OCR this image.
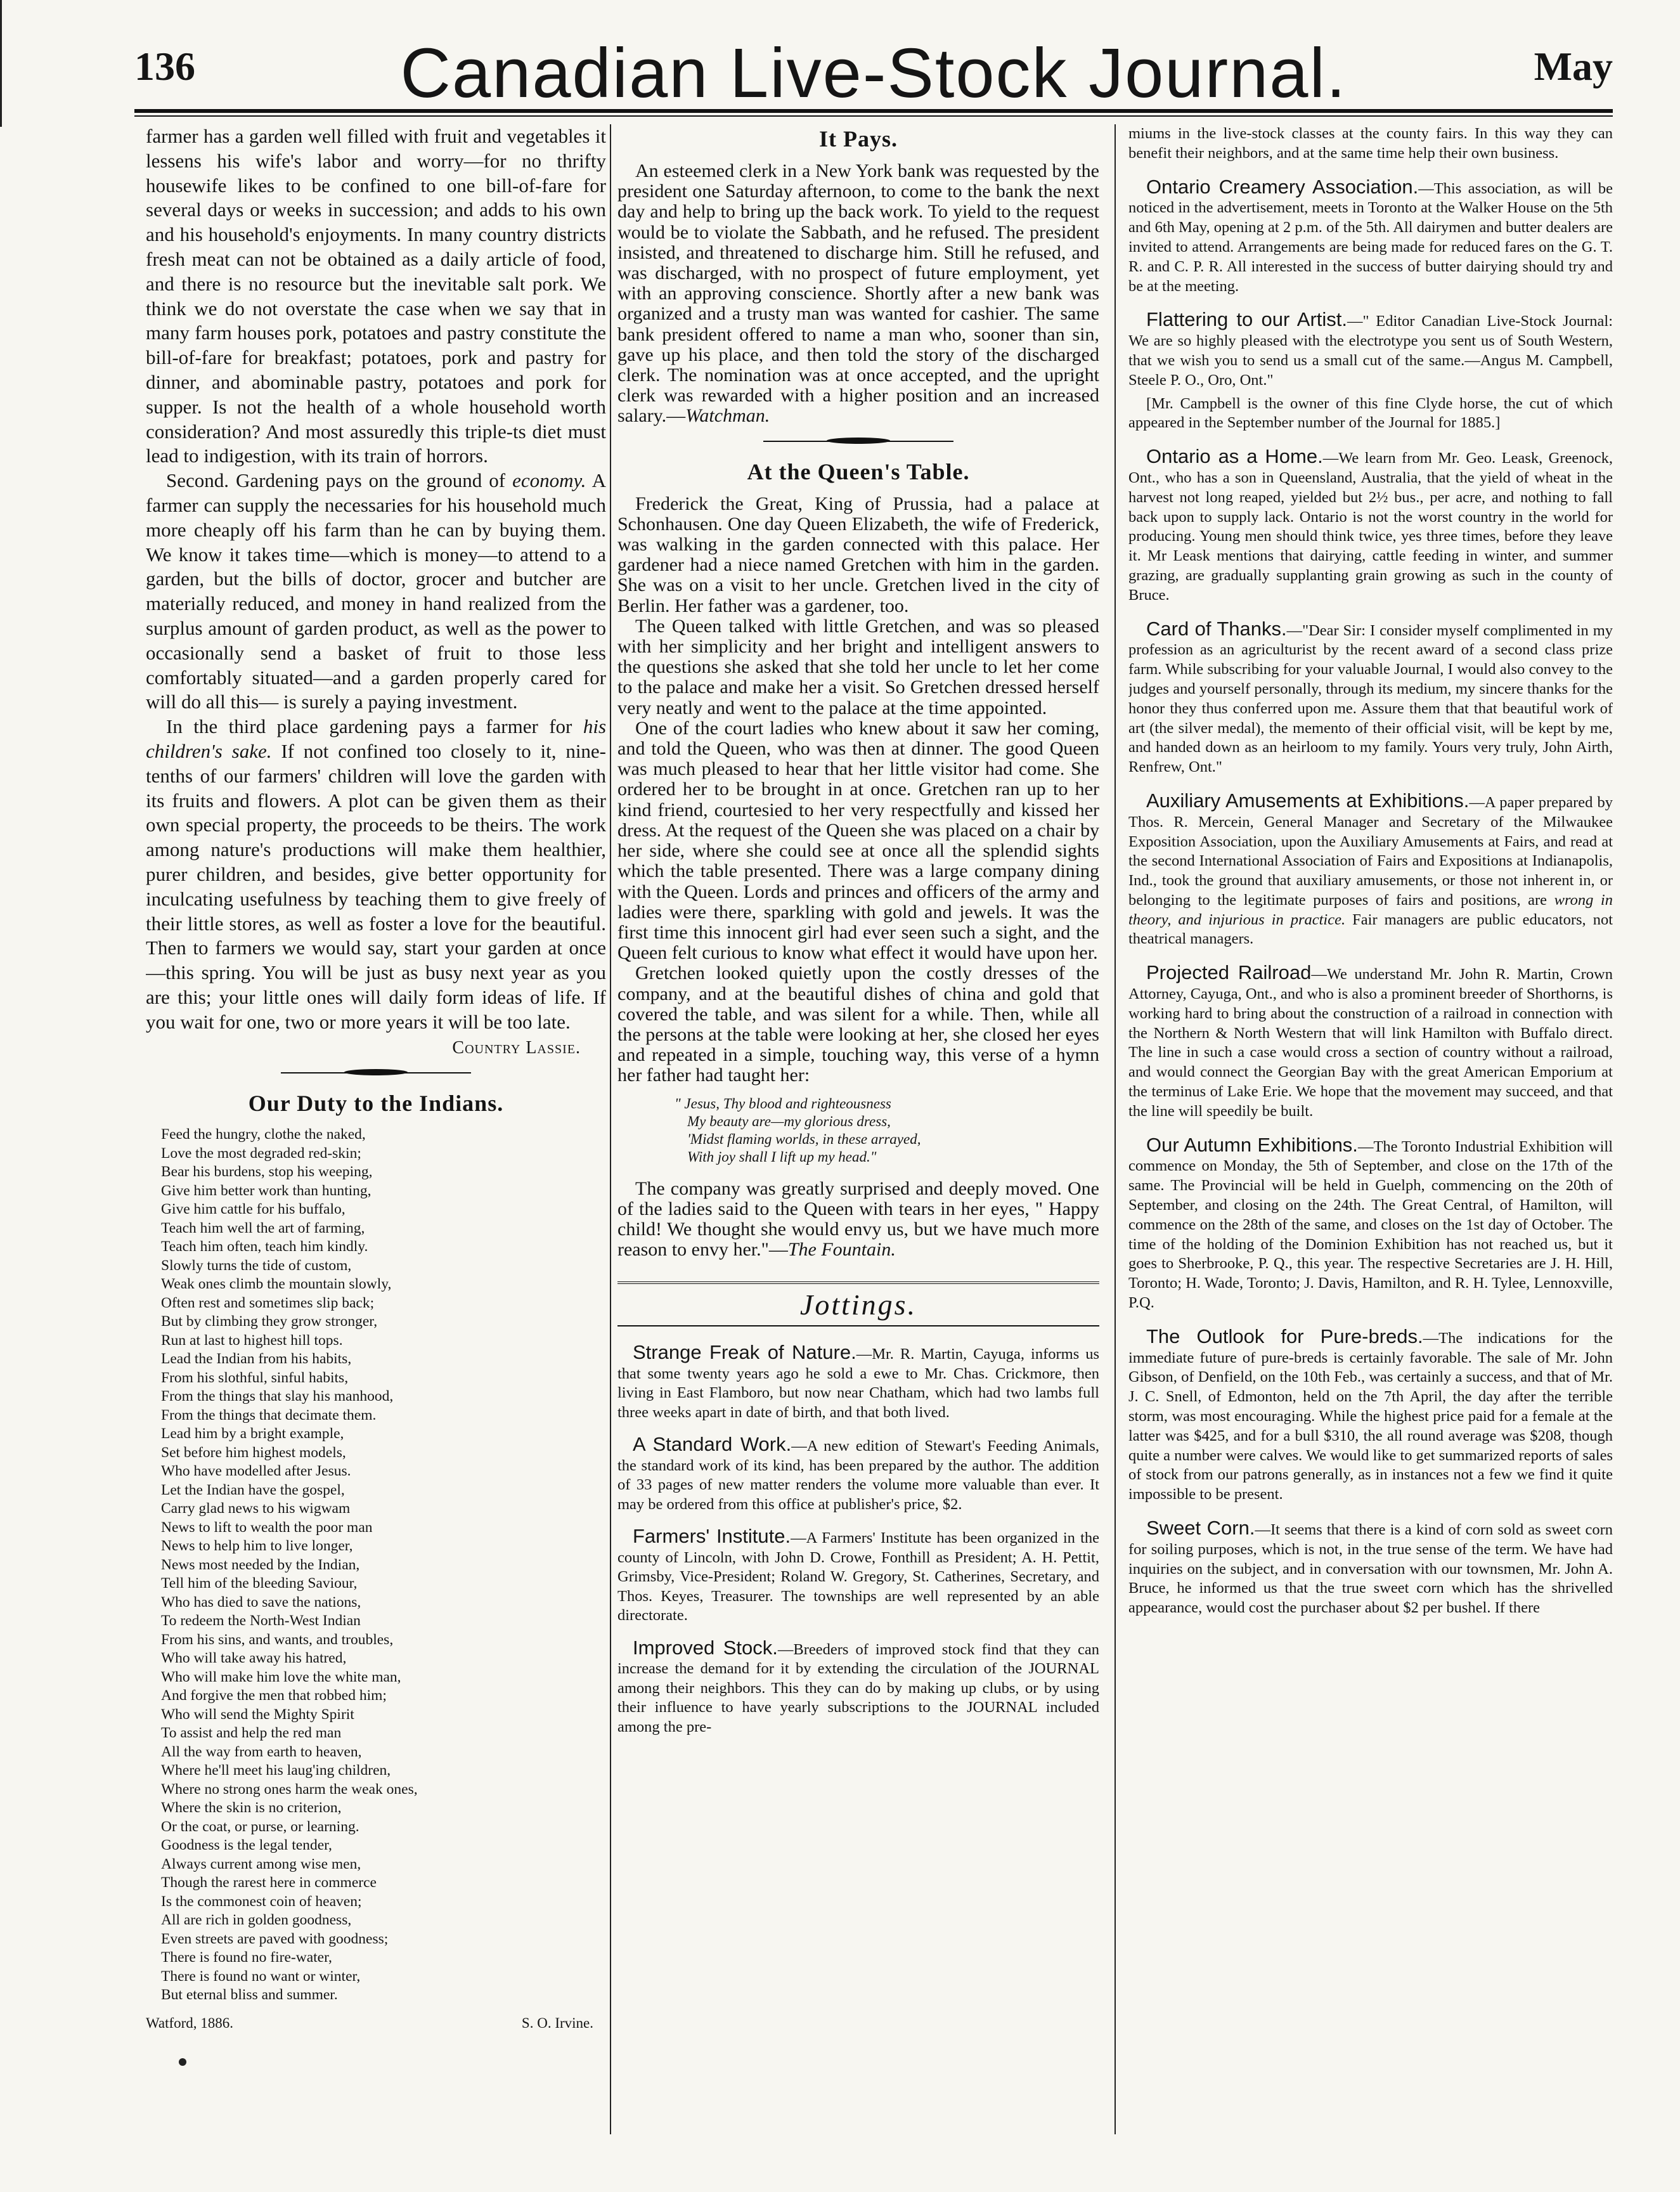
136	Canadian Live-Stock Journal.	May

farmer has a garden well filled with fruit and vegetables it lessens his wife's labor and worry—for no thrifty housewife likes to be confined to one bill-of-fare for several days or weeks in succession; and adds to his own and his household's enjoyments. In many country districts fresh meat can not be obtained as a daily article of food, and there is no resource but the inevitable salt pork. We think we do not overstate the case when we say that in many farm houses pork, potatoes and pastry constitute the bill-of-fare for breakfast; potatoes, pork and pastry for dinner, and abominable pastry, potatoes and pork for supper. Is not the health of a whole household worth consideration? And most assuredly this triple-ts diet must lead to indigestion, with its train of horrors.

Second. Gardening pays on the ground of economy. A farmer can supply the necessaries for his household much more cheaply off his farm than he can by buying them. We know it takes time—which is money—to attend to a garden, but the bills of doctor, grocer and butcher are materially reduced, and money in hand realized from the surplus amount of garden product, as well as the power to occasionally send a basket of fruit to those less comfortably situated—and a garden properly cared for will do all this— is surely a paying investment.

In the third place gardening pays a farmer for his children's sake. If not confined too closely to it, nine-tenths of our farmers' children will love the garden with its fruits and flowers. A plot can be given them as their own special property, the proceeds to be theirs. The work among nature's productions will make them healthier, purer children, and besides, give better opportunity for inculcating usefulness by teaching them to give freely of their little stores, as well as foster a love for the beautiful. Then to farmers we would say, start your garden at once—this spring. You will be just as busy next year as you are this; your little ones will daily form ideas of life. If you wait for one, two or more years it will be too late.

Country Lassie.
Our Duty to the Indians.
Feed the hungry, clothe the naked,
Love the most degraded red-skin;
Bear his burdens, stop his weeping,
Give him better work than hunting,
Give him cattle for his buffalo,
Teach him well the art of farming,
Teach him often, teach him kindly.
Slowly turns the tide of custom,
Weak ones climb the mountain slowly,
Often rest and sometimes slip back;
But by climbing they grow stronger,
Run at last to highest hill tops.
Lead the Indian from his habits,
From his slothful, sinful habits,
From the things that slay his manhood,
From the things that decimate them.
Lead him by a bright example,
Set before him highest models,
Who have modelled after Jesus.
Let the Indian have the gospel,
Carry glad news to his wigwam
News to lift to wealth the poor man
News to help him to live longer,
News most needed by the Indian,
Tell him of the bleeding Saviour,
Who has died to save the nations,
To redeem the North-West Indian
From his sins, and wants, and troubles,
Who will take away his hatred,
Who will make him love the white man,
And forgive the men that robbed him;
Who will send the Mighty Spirit
To assist and help the red man
All the way from earth to heaven,
Where he'll meet his laug'ing children,
Where no strong ones harm the weak ones,
Where the skin is no criterion,
Or the coat, or purse, or learning.
Goodness is the legal tender,
Always current among wise men,
Though the rarest here in commerce
Is the commonest coin of heaven;
All are rich in golden goodness,
Even streets are paved with goodness;
There is found no fire-water,
There is found no want or winter,
But eternal bliss and summer.
Watford, 1886.	S. O. Irvine.
It Pays.

An esteemed clerk in a New York bank was requested by the president one Saturday afternoon, to come to the bank the next day and help to bring up the back work. To yield to the request would be to violate the Sabbath, and he refused. The president insisted, and threatened to discharge him. Still he refused, and was discharged, with no prospect of future employment, yet with an approving conscience. Shortly after a new bank was organized and a trusty man was wanted for cashier. The same bank president offered to name a man who, sooner than sin, gave up his place, and then told the story of the discharged clerk. The nomination was at once accepted, and the upright clerk was rewarded with a higher position and an increased salary.—Watchman.

At the Queen's Table.

Frederick the Great, King of Prussia, had a palace at Schonhausen. One day Queen Elizabeth, the wife of Frederick, was walking in the garden connected with this palace. Her gardener had a niece named Gretchen with him in the garden. She was on a visit to her uncle. Gretchen lived in the city of Berlin. Her father was a gardener, too.

The Queen talked with little Gretchen, and was so pleased with her simplicity and her bright and intelligent answers to the questions she asked that she told her uncle to let her come to the palace and make her a visit. So Gretchen dressed herself very neatly and went to the palace at the time appointed.

One of the court ladies who knew about it saw her coming, and told the Queen, who was then at dinner. The good Queen was much pleased to hear that her little visitor had come. She ordered her to be brought in at once. Gretchen ran up to her kind friend, courtesied to her very respectfully and kissed her dress. At the request of the Queen she was placed on a chair by her side, where she could see at once all the splendid sights which the table presented. There was a large company dining with the Queen. Lords and princes and officers of the army and ladies were there, sparkling with gold and jewels. It was the first time this innocent girl had ever seen such a sight, and the Queen felt curious to know what effect it would have upon her.

Gretchen looked quietly upon the costly dresses of the company, and at the beautiful dishes of china and gold that covered the table, and was silent for a while. Then, while all the persons at the table were looking at her, she closed her eyes and repeated in a simple, touching way, this verse of a hymn her father had taught her:

" Jesus, Thy blood and righteousness
My beauty are—my glorious dress,
'Midst flaming worlds, in these arrayed,
With joy shall I lift up my head."

The company was greatly surprised and deeply moved. One of the ladies said to the Queen with tears in her eyes, " Happy child! We thought she would envy us, but we have much more reason to envy her."—The Fountain.

Jottings.

Strange Freak of Nature.—Mr. R. Martin, Cayuga, informs us that some twenty years ago he sold a ewe to Mr. Chas. Crickmore, then living in East Flamboro, but now near Chatham, which had two lambs full three weeks apart in date of birth, and that both lived.

A Standard Work.—A new edition of Stewart's Feeding Animals, the standard work of its kind, has been prepared by the author. The addition of 33 pages of new matter renders the volume more valuable than ever. It may be ordered from this office at publisher's price, $2.

Farmers' Institute.—A Farmers' Institute has been organized in the county of Lincoln, with John D. Crowe, Fonthill as President; A. H. Pettit, Grimsby, Vice-President; Roland W. Gregory, St. Catherines, Secretary, and Thos. Keyes, Treasurer. The townships are well represented by an able directorate.

Improved Stock.—Breeders of improved stock find that they can increase the demand for it by extending the circulation of the JOURNAL among their neighbors. This they can do by making up clubs, or by using their influence to have yearly subscriptions to the JOURNAL included among the pre-

miums in the live-stock classes at the county fairs. In this way they can benefit their neighbors, and at the same time help their own business.

Ontario Creamery Association.—This association, as will be noticed in the advertisement, meets in Toronto at the Walker House on the 5th and 6th May, opening at 2 p.m. of the 5th. All dairymen and butter dealers are invited to attend. Arrangements are being made for reduced fares on the G. T. R. and C. P. R. All interested in the success of butter dairying should try and be at the meeting.

Flattering to our Artist.—" Editor Canadian Live-Stock Journal: We are so highly pleased with the electrotype you sent us of South Western, that we wish you to send us a small cut of the same.—Angus M. Campbell, Steele P. O., Oro, Ont."

[Mr. Campbell is the owner of this fine Clyde horse, the cut of which appeared in the September number of the Journal for 1885.]

Ontario as a Home.—We learn from Mr. Geo. Leask, Greenock, Ont., who has a son in Queensland, Australia, that the yield of wheat in the harvest not long reaped, yielded but 2½ bus., per acre, and nothing to fall back upon to supply lack. Ontario is not the worst country in the world for producing. Young men should think twice, yes three times, before they leave it. Mr Leask mentions that dairying, cattle feeding in winter, and summer grazing, are gradually supplanting grain growing as such in the county of Bruce.

Card of Thanks.—"Dear Sir: I consider myself complimented in my profession as an agriculturist by the recent award of a second class prize farm. While subscribing for your valuable Journal, I would also convey to the judges and yourself personally, through its medium, my sincere thanks for the honor they thus conferred upon me. Assure them that that beautiful work of art (the silver medal), the memento of their official visit, will be kept by me, and handed down as an heirloom to my family. Yours very truly, John Airth, Renfrew, Ont."

Auxiliary Amusements at Exhibitions.—A paper prepared by Thos. R. Mercein, General Manager and Secretary of the Milwaukee Exposition Association, upon the Auxiliary Amusements at Fairs, and read at the second International Association of Fairs and Expositions at Indianapolis, Ind., took the ground that auxiliary amusements, or those not inherent in, or belonging to the legitimate purposes of fairs and positions, are wrong in theory, and injurious in practice. Fair managers are public educators, not theatrical managers.

Projected Railroad—We understand Mr. John R. Martin, Crown Attorney, Cayuga, Ont., and who is also a prominent breeder of Shorthorns, is working hard to bring about the construction of a railroad in connection with the Northern & North Western that will link Hamilton with Buffalo direct. The line in such a case would cross a section of country without a railroad, and would connect the Georgian Bay with the great American Emporium at the terminus of Lake Erie. We hope that the movement may succeed, and that the line will speedily be built.

Our Autumn Exhibitions.—The Toronto Industrial Exhibition will commence on Monday, the 5th of September, and close on the 17th of the same. The Provincial will be held in Guelph, commencing on the 20th of September, and closing on the 24th. The Great Central, of Hamilton, will commence on the 28th of the same, and closes on the 1st day of October. The time of the holding of the Dominion Exhibition has not reached us, but it goes to Sherbrooke, P. Q., this year. The respective Secretaries are J. H. Hill, Toronto; H. Wade, Toronto; J. Davis, Hamilton, and R. H. Tylee, Lennoxville, P.Q.

The Outlook for Pure-breds.—The indications for the immediate future of pure-breds is certainly favorable. The sale of Mr. John Gibson, of Denfield, on the 10th Feb., was certainly a success, and that of Mr. J. C. Snell, of Edmonton, held on the 7th April, the day after the terrible storm, was most encouraging. While the highest price paid for a female at the latter was $425, and for a bull $310, the all round average was $208, though quite a number were calves. We would like to get summarized reports of sales of stock from our patrons generally, as in instances not a few we find it quite impossible to be present.

Sweet Corn.—It seems that there is a kind of corn sold as sweet corn for soiling purposes, which is not, in the true sense of the term. We have had inquiries on the subject, and in conversation with our townsmen, Mr. John A. Bruce, he informed us that the true sweet corn which has the shrivelled appearance, would cost the purchaser about $2 per bushel. If there
